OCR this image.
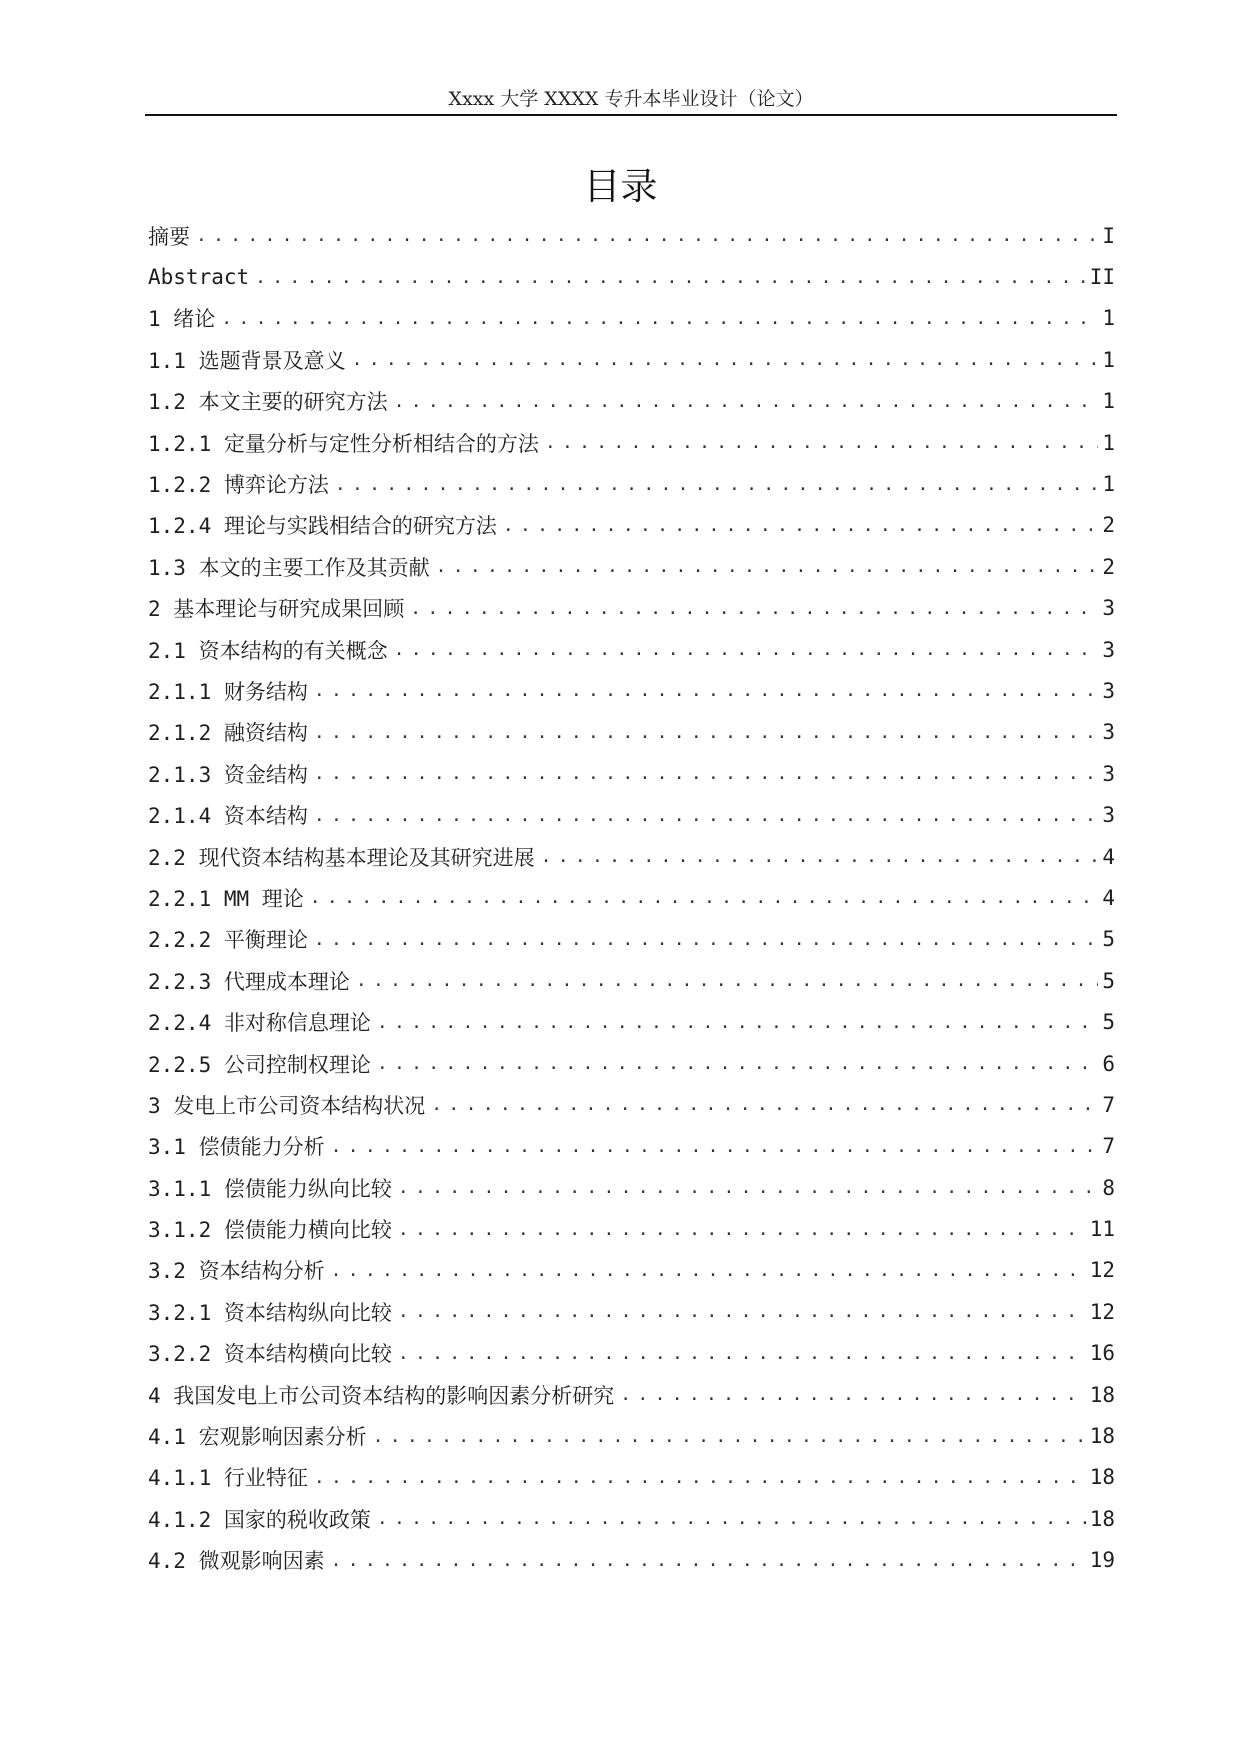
Xxxx 大学 XXXX 专升本毕业设计（论文）
目录
摘要 .....	I
Abstract .....	II
1 绪论 .....	1
1.1 选题背景及意义 .....	1
1.2 本文主要的研究方法 .....	1
1.2.1 定量分析与定性分析相结合的方法 .....	1
1.2.2 博弈论方法 .....	1
1.2.4 理论与实践相结合的研究方法 .....	2
1.3 本文的主要工作及其贡献 .....	2
2 基本理论与研究成果回顾 .....	3
2.1 资本结构的有关概念 .....	3
2.1.1 财务结构 .....	3
2.1.2 融资结构 .....	3
2.1.3 资金结构 .....	3
2.1.4 资本结构 .....	3
2.2 现代资本结构基本理论及其研究进展 .....	4
2.2.1 MM 理论 .....	4
2.2.2 平衡理论 .....	5
2.2.3 代理成本理论 .....	5
2.2.4 非对称信息理论 .....	5
2.2.5 公司控制权理论 .....	6
3 发电上市公司资本结构状况 .....	7
3.1 偿债能力分析 .....	7
3.1.1 偿债能力纵向比较 .....	8
3.1.2 偿债能力横向比较 .....	11
3.2 资本结构分析 .....	12
3.2.1 资本结构纵向比较 .....	12
3.2.2 资本结构横向比较 .....	16
4 我国发电上市公司资本结构的影响因素分析研究 .....	18
4.1 宏观影响因素分析 .....	18
4.1.1 行业特征 .....	18
4.1.2 国家的税收政策 .....	18
4.2 微观影响因素 .....	19
